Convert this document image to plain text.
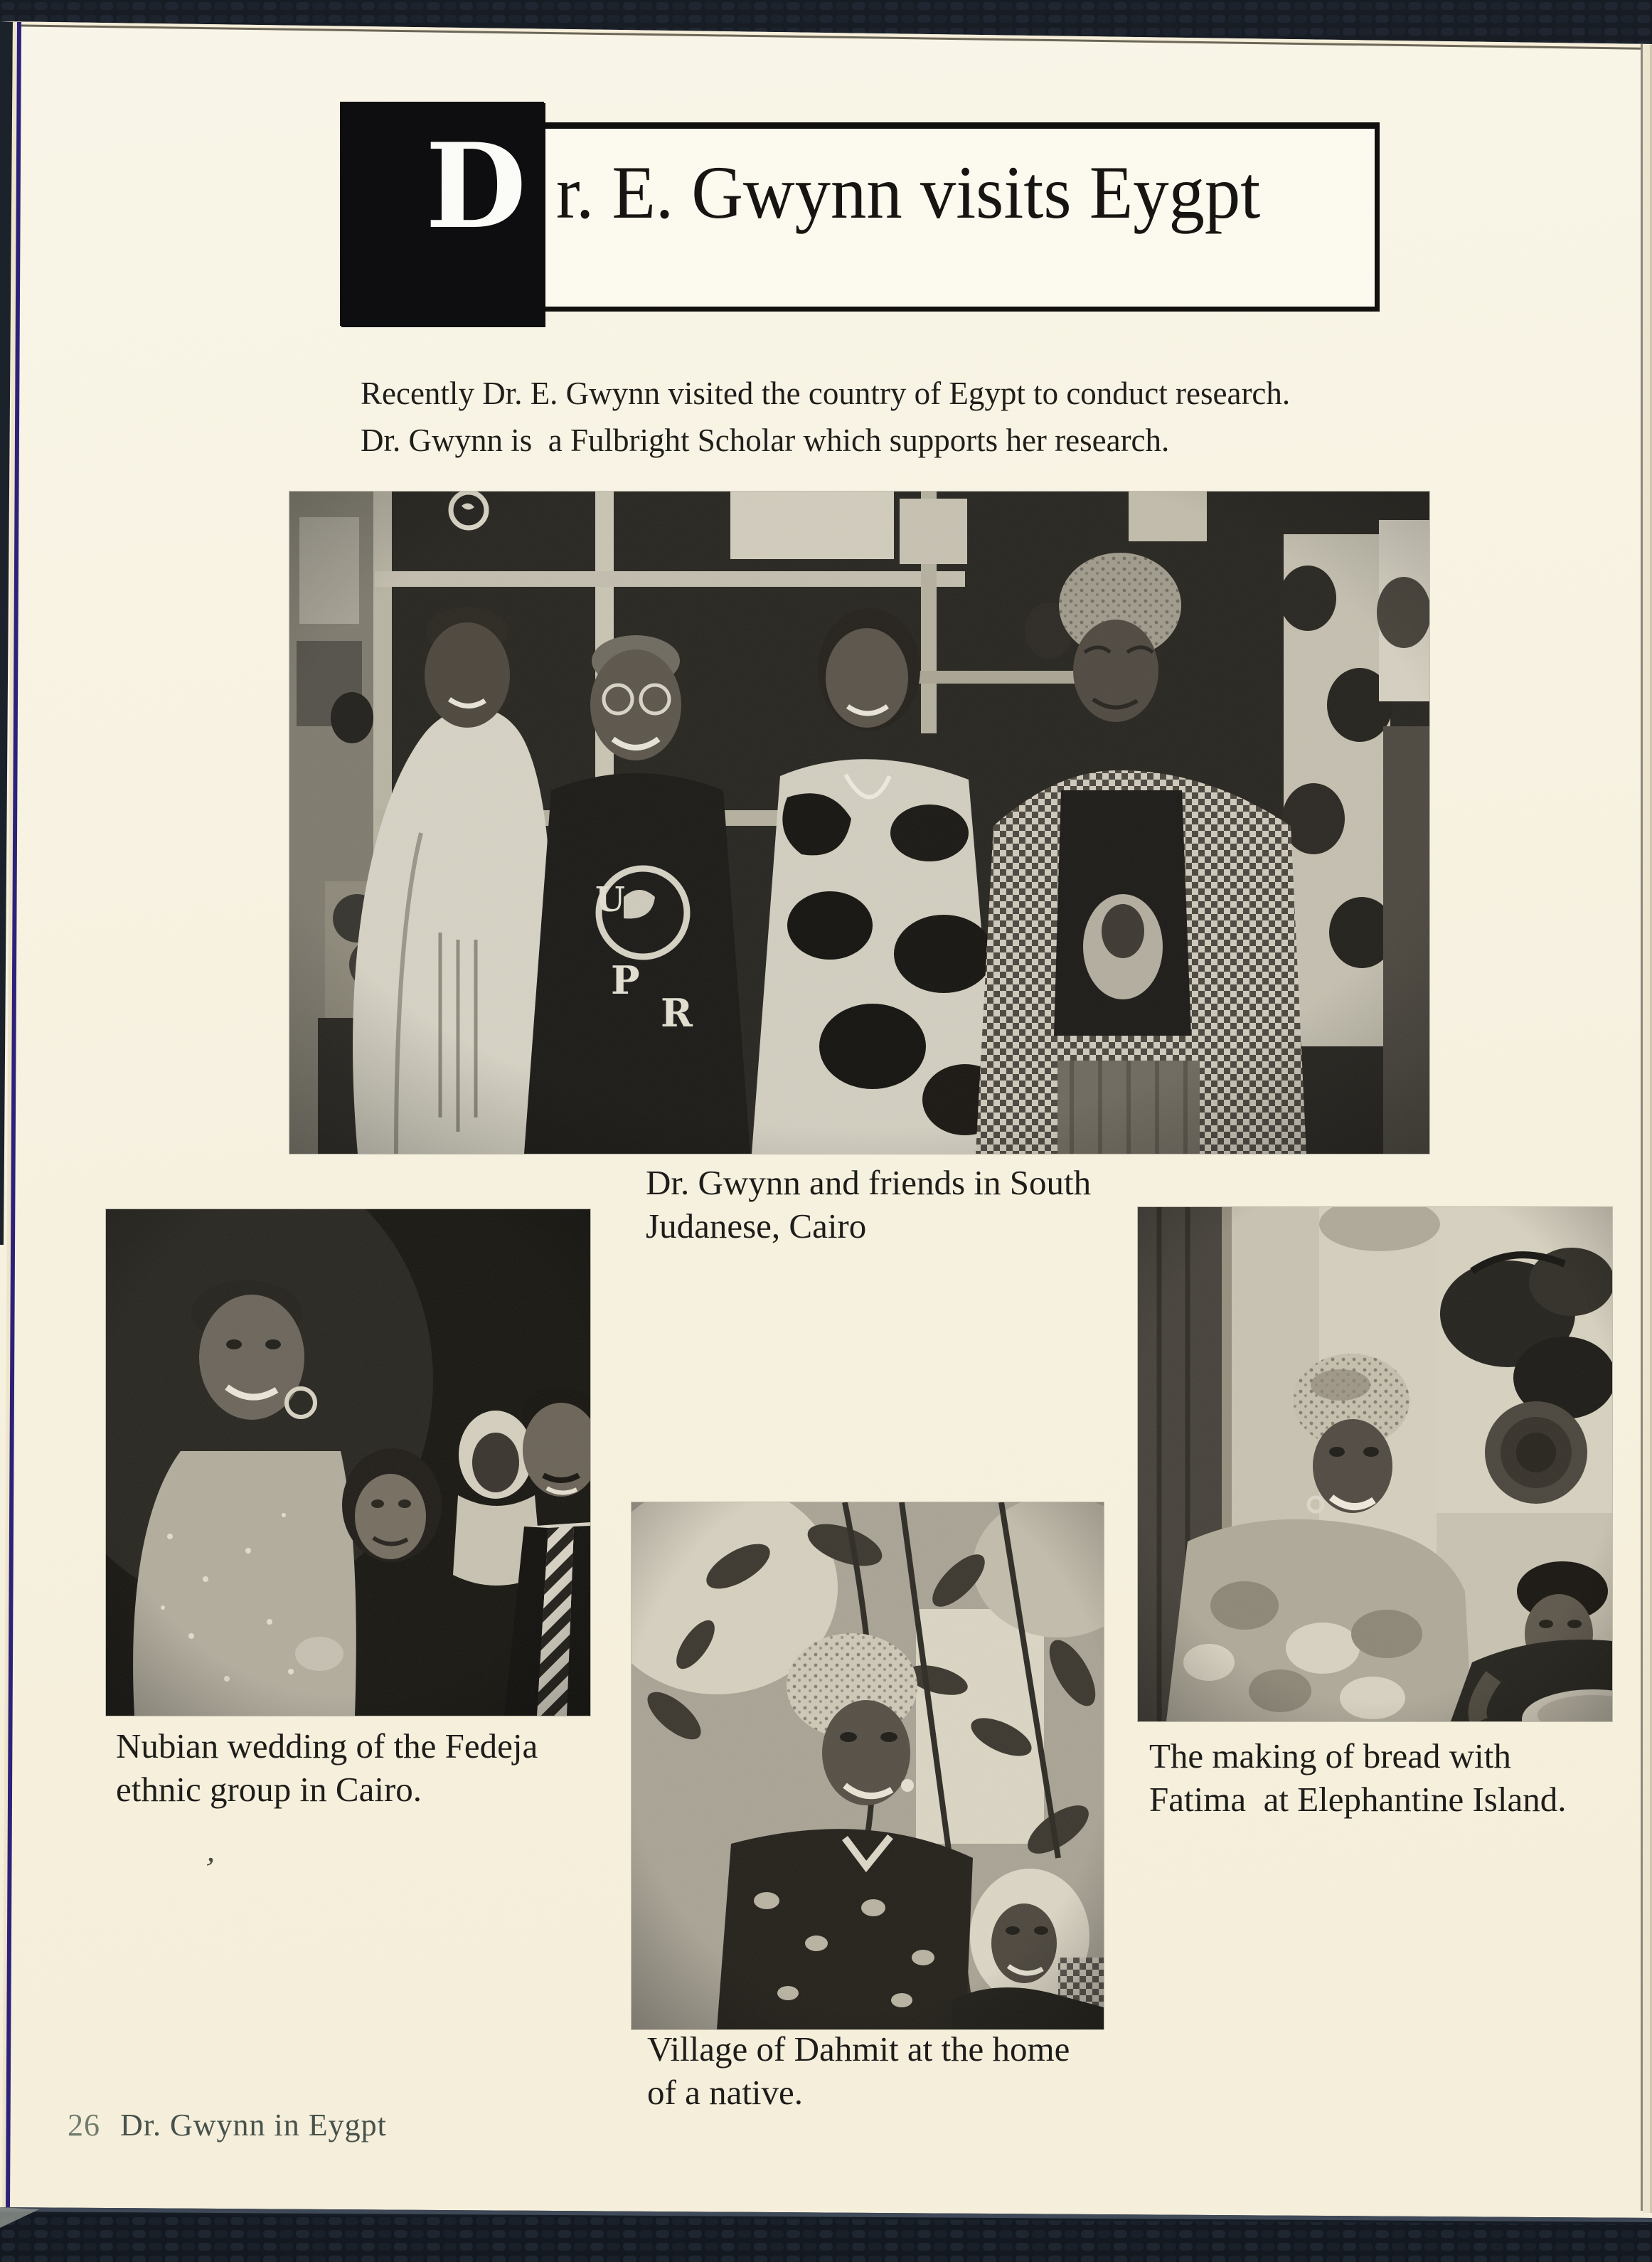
D r. E. Gwynn visits Eygpt
Recently Dr. E. Gwynn visited the country of Egypt to conduct research.
Dr. Gwynn is  a Fulbright Scholar which supports her research.
Dr. Gwynn and friends in South
Judanese, Cairo
Nubian wedding of the Fedeja
ethnic group in Cairo.
’
Village of Dahmit at the home
of a native.
The making of bread with
Fatima  at Elephantine Island.
26 Dr. Gwynn in Eygpt
